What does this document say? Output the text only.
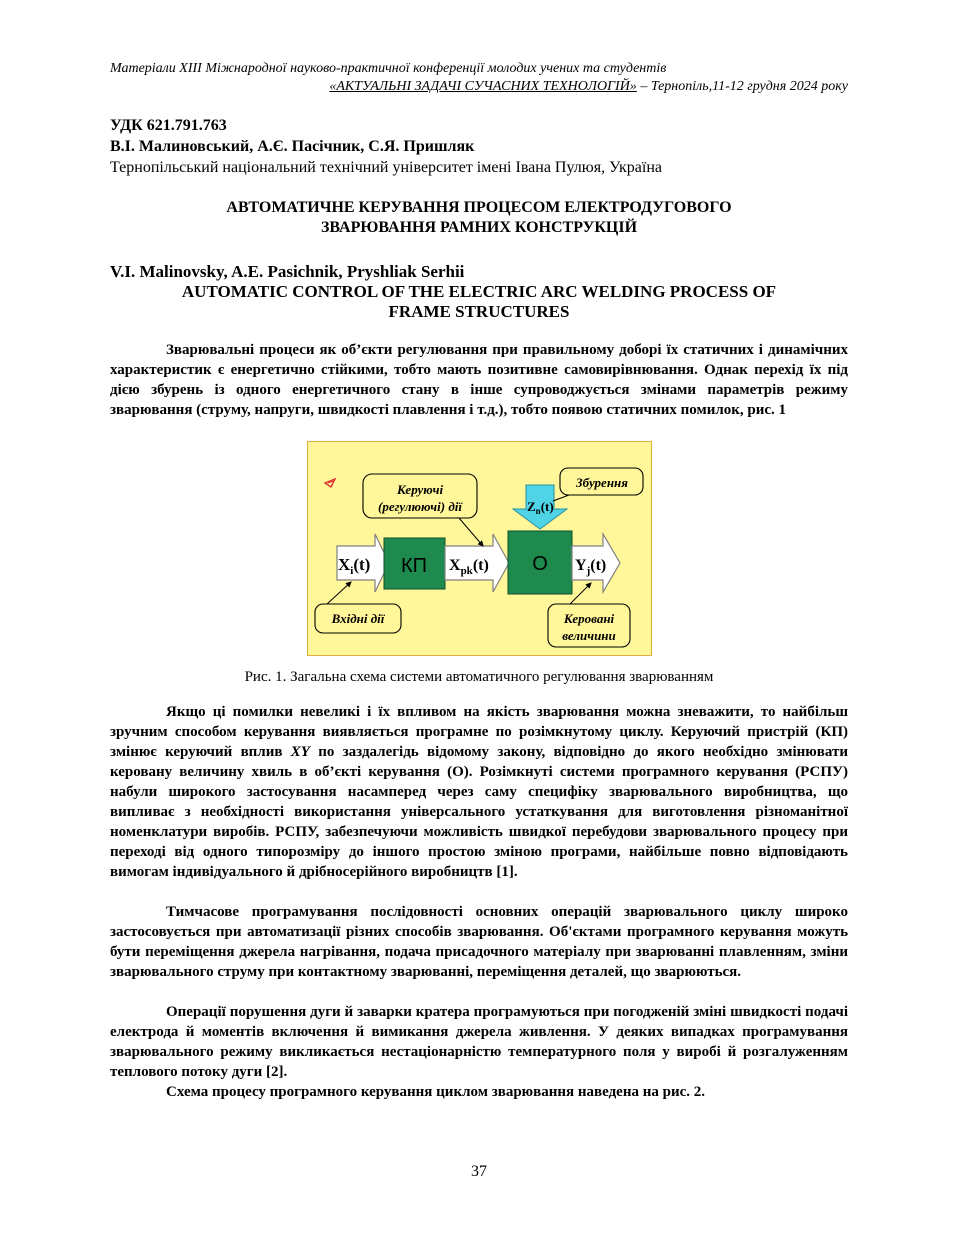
Матеріали XIII Міжнародної науково-практичної конференції молодих учених та студентів
«АКТУАЛЬНІ ЗАДАЧІ СУЧАСНИХ ТЕХНОЛОГІЙ» – Тернопіль,11-12 грудня 2024 року
УДК 621.791.763
В.І. Малиновський, А.Є. Пасічник, С.Я. Пришляк
Тернопільський національний технічний університет імені Івана Пулюя, Україна
АВТОМАТИЧНЕ КЕРУВАННЯ ПРОЦЕСОМ ЕЛЕКТРОДУГОВОГО
ЗВАРЮВАННЯ РАМНИХ КОНСТРУКЦІЙ
V.I. Malinovsky, A.E. Pasichnik, Pryshliak Serhii
AUTOMATIC CONTROL OF THE ELECTRIC ARC WELDING PROCESS OF
FRAME STRUCTURES
Зварювальні процеси як об’єкти регулювання при правильному доборі їх статичних і динамічних характеристик є енергетично стійкими, тобто мають позитивне самовирівнювання. Однак перехід їх під дією збурень із одного енергетичного стану в інше супроводжується змінами параметрів режиму зварювання (струму, напруги, швидкості плавлення і т.д.), тобто появою статичних помилок, рис. 1
$X_i(t)$ КП $X_{pk}(t)$ О
$Z_n(t)$
$Y_j(t)$
Керуючі
(регулюючі) дії
Збурення
Вхідні дії	Керовані
величини
Рис. 1. Загальна схема системи автоматичного регулювання зварюванням
Якщо ці помилки невеликі і їх впливом на якість зварювання можна зневажити, то найбільш зручним способом керування виявляється програмне по розімкнутому циклу. Керуючий пристрій (КП) змінює керуючий вплив XY по заздалегідь відомому закону, відповідно до якого необхідно змінювати керовану величину хвиль в об’єкті керування (О). Розімкнуті системи програмного керування (РСПУ) набули широкого застосування насамперед через саму специфіку зварювального виробництва, що випливає з необхідності використання універсального устаткування для виготовлення різноманітної номенклатури виробів. РСПУ, забезпечуючи можливість швидкої перебудови зварювального процесу при переході від одного типорозміру до іншого простою зміною програми, найбільше повно відповідають вимогам індивідуального й дрібносерійного виробництв [1].
Тимчасове програмування послідовності основних операцій зварювального циклу широко застосовується при автоматизації різних способів зварювання. Об'єктами програмного керування можуть бути переміщення джерела нагрівання, подача присадочного матеріалу при зварюванні плавленням, зміни зварювального струму при контактному зварюванні, переміщення деталей, що зварюються.
Операції порушення дуги й заварки кратера програмуються при погодженій зміні швидкості подачі електрода й моментів включення й вимикання джерела живлення. У деяких випадках програмування зварювального режиму викликається нестаціонарністю температурного поля у виробі й розгалуженням теплового потоку дуги [2].
Схема процесу програмного керування циклом зварювання наведена на рис. 2.
37
